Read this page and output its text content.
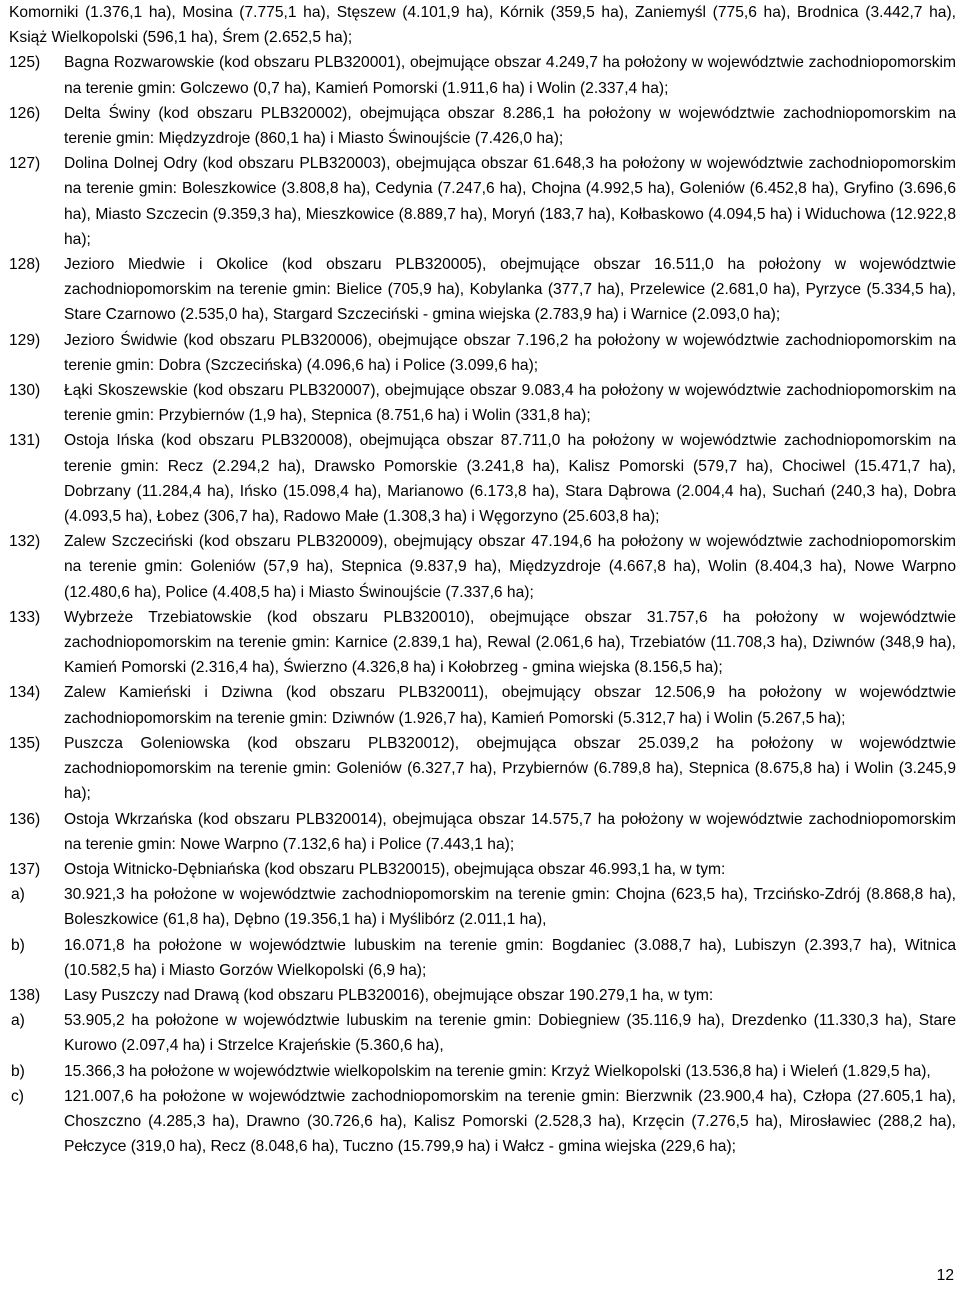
Komorniki (1.376,1 ha), Mosina (7.775,1 ha), Stęszew (4.101,9 ha), Kórnik (359,5 ha), Zaniemyśl (775,6 ha), Brodnica (3.442,7 ha), Książ Wielkopolski (596,1 ha), Śrem (2.652,5 ha);

125) Bagna Rozwarowskie (kod obszaru PLB320001), obejmujące obszar 4.249,7 ha położony w województwie zachodniopomorskim na terenie gmin: Golczewo (0,7 ha), Kamień Pomorski (1.911,6 ha) i Wolin (2.337,4 ha);
126) Delta Świny (kod obszaru PLB320002), obejmująca obszar 8.286,1 ha położony w województwie zachodniopomorskim na terenie gmin: Międzyzdroje (860,1 ha) i Miasto Świnoujście (7.426,0 ha);
127) Dolina Dolnej Odry (kod obszaru PLB320003), obejmująca obszar 61.648,3 ha położony w województwie zachodniopomorskim na terenie gmin: Boleszkowice (3.808,8 ha), Cedynia (7.247,6 ha), Chojna (4.992,5 ha), Goleniów (6.452,8 ha), Gryfino (3.696,6 ha), Miasto Szczecin (9.359,3 ha), Mieszkowice (8.889,7 ha), Moryń (183,7 ha), Kołbaskowo (4.094,5 ha) i Widuchowa (12.922,8 ha);
128) Jezioro Miedwie i Okolice (kod obszaru PLB320005), obejmujące obszar 16.511,0 ha położony w województwie zachodniopomorskim na terenie gmin: Bielice (705,9 ha), Kobylanka (377,7 ha), Przelewice (2.681,0 ha), Pyrzyce (5.334,5 ha), Stare Czarnowo (2.535,0 ha), Stargard Szczeciński - gmina wiejska (2.783,9 ha) i Warnice (2.093,0 ha);
129) Jezioro Świdwie (kod obszaru PLB320006), obejmujące obszar 7.196,2 ha położony w województwie zachodniopomorskim na terenie gmin: Dobra (Szczecińska) (4.096,6 ha) i Police (3.099,6 ha);
130) Łąki Skoszewskie (kod obszaru PLB320007), obejmujące obszar 9.083,4 ha położony w województwie zachodniopomorskim na terenie gmin: Przybiernów (1,9 ha), Stepnica (8.751,6 ha) i Wolin (331,8 ha);
131) Ostoja Ińska (kod obszaru PLB320008), obejmująca obszar 87.711,0 ha położony w województwie zachodniopomorskim na terenie gmin: Recz (2.294,2 ha), Drawsko Pomorskie (3.241,8 ha), Kalisz Pomorski (579,7 ha), Chociwel (15.471,7 ha), Dobrzany (11.284,4 ha), Ińsko (15.098,4 ha), Marianowo (6.173,8 ha), Stara Dąbrowa (2.004,4 ha), Suchań (240,3 ha), Dobra (4.093,5 ha), Łobez (306,7 ha), Radowo Małe (1.308,3 ha) i Węgorzyno (25.603,8 ha);
132) Zalew Szczeciński (kod obszaru PLB320009), obejmujący obszar 47.194,6 ha położony w województwie zachodniopomorskim na terenie gmin: Goleniów (57,9 ha), Stepnica (9.837,9 ha), Międzyzdroje (4.667,8 ha), Wolin (8.404,3 ha), Nowe Warpno (12.480,6 ha), Police (4.408,5 ha) i Miasto Świnoujście (7.337,6 ha);
133) Wybrzeże Trzebiatowskie (kod obszaru PLB320010), obejmujące obszar 31.757,6 ha położony w województwie zachodniopomorskim na terenie gmin: Karnice (2.839,1 ha), Rewal (2.061,6 ha), Trzebiatów (11.708,3 ha), Dziwnów (348,9 ha), Kamień Pomorski (2.316,4 ha), Świerzno (4.326,8 ha) i Kołobrzeg - gmina wiejska (8.156,5 ha);
134) Zalew Kamieński i Dziwna (kod obszaru PLB320011), obejmujący obszar 12.506,9 ha położony w województwie zachodniopomorskim na terenie gmin: Dziwnów (1.926,7 ha), Kamień Pomorski (5.312,7 ha) i Wolin (5.267,5 ha);
135) Puszcza Goleniowska (kod obszaru PLB320012), obejmująca obszar 25.039,2 ha położony w województwie zachodniopomorskim na terenie gmin: Goleniów (6.327,7 ha), Przybiernów (6.789,8 ha), Stepnica (8.675,8 ha) i Wolin (3.245,9 ha);
136) Ostoja Wkrzańska (kod obszaru PLB320014), obejmująca obszar 14.575,7 ha położony w województwie zachodniopomorskim na terenie gmin: Nowe Warpno (7.132,6 ha) i Police (7.443,1 ha);
137) Ostoja Witnicko-Dębniańska (kod obszaru PLB320015), obejmująca obszar 46.993,1 ha, w tym:
a)	30.921,3 ha położone w województwie zachodniopomorskim na terenie gmin: Chojna (623,5 ha), Trzcińsko-Zdrój (8.868,8 ha), Boleszkowice (61,8 ha), Dębno (19.356,1 ha) i Myślibórz (2.011,1 ha),
b)	16.071,8 ha położone w województwie lubuskim na terenie gmin: Bogdaniec (3.088,7 ha), Lubiszyn (2.393,7 ha), Witnica (10.582,5 ha) i Miasto Gorzów Wielkopolski (6,9 ha);
138) Lasy Puszczy nad Drawą (kod obszaru PLB320016), obejmujące obszar 190.279,1 ha, w tym:
a)	53.905,2 ha położone w województwie lubuskim na terenie gmin: Dobiegniew (35.116,9 ha), Drezdenko (11.330,3 ha), Stare Kurowo (2.097,4 ha) i Strzelce Krajeńskie (5.360,6 ha),
b)	15.366,3 ha położone w województwie wielkopolskim na terenie gmin: Krzyż Wielkopolski (13.536,8 ha) i Wieleń (1.829,5 ha),
c)	121.007,6 ha położone w województwie zachodniopomorskim na terenie gmin: Bierzwnik (23.900,4 ha), Człopa (27.605,1 ha), Choszczno (4.285,3 ha), Drawno (30.726,6 ha), Kalisz Pomorski (2.528,3 ha), Krzęcin (7.276,5 ha), Mirosławiec (288,2 ha), Pełczyce (319,0 ha), Recz (8.048,6 ha), Tuczno (15.799,9 ha) i Wałcz - gmina wiejska (229,6 ha);
12
